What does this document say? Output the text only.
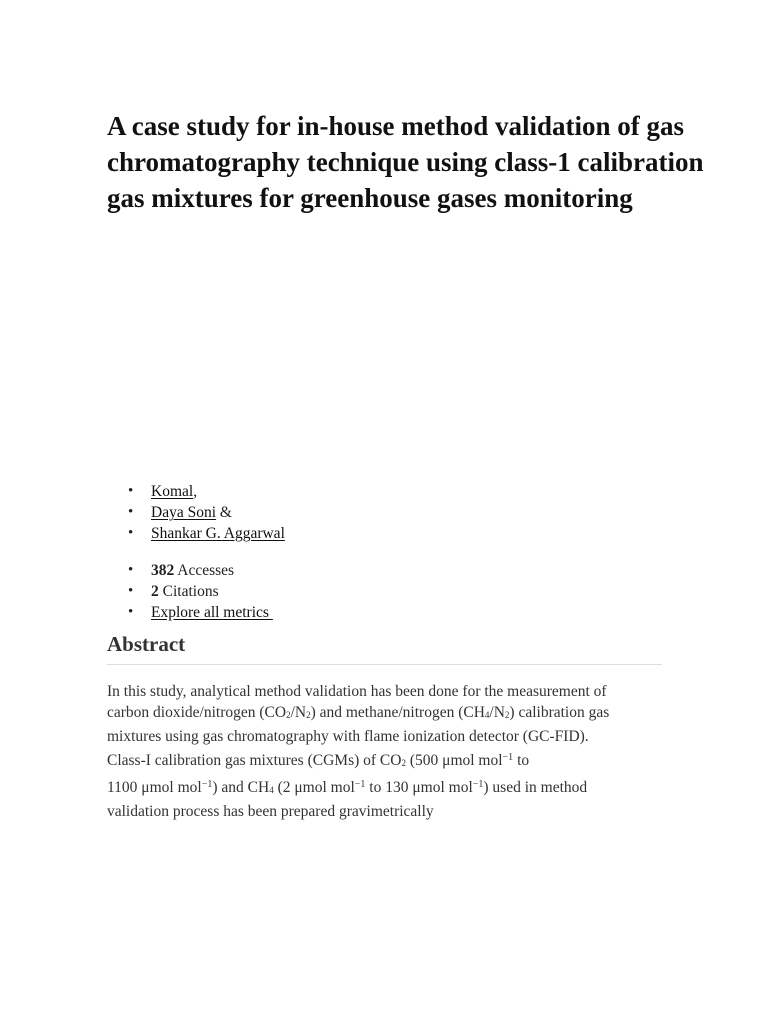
A case study for in-house method validation of gas chromatography technique using class-1 calibration gas mixtures for greenhouse gases monitoring
• Komal,
• Daya Soni &
• Shankar G. Aggarwal
• 382 Accesses
• 2 Citations
• Explore all metrics
Abstract

In this study, analytical method validation has been done for the measurement of
carbon dioxide/nitrogen $(CO_2/N_2)$ and methane/nitrogen $(CH_4/N_2)$ calibration gas
mixtures using gas chromatography with flame ionization detector (GC-FID).
Class-I calibration gas mixtures (CGMs) of $CO_2$ (500 μmol mol$^{-1}$ to
1100 μmol mol$^{-1}$) and $CH_4$ (2 μmol mol$^{-1}$ to 130 μmol mol$^{-1}$) used in method
validation process has been prepared gravimetrically
